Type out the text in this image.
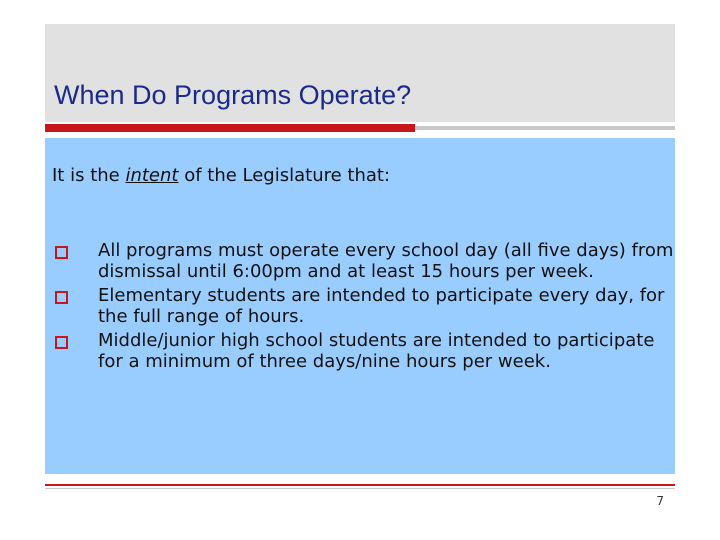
When Do Programs Operate?
It is the intent of the Legislature that:
All programs must operate every school day (all five days) from dismissal until 6:00pm and at least 15 hours per week.
Elementary students are intended to participate every day, for the full range of hours.
Middle/junior high school students are intended to participate for a minimum of three days/nine hours per week.
7
